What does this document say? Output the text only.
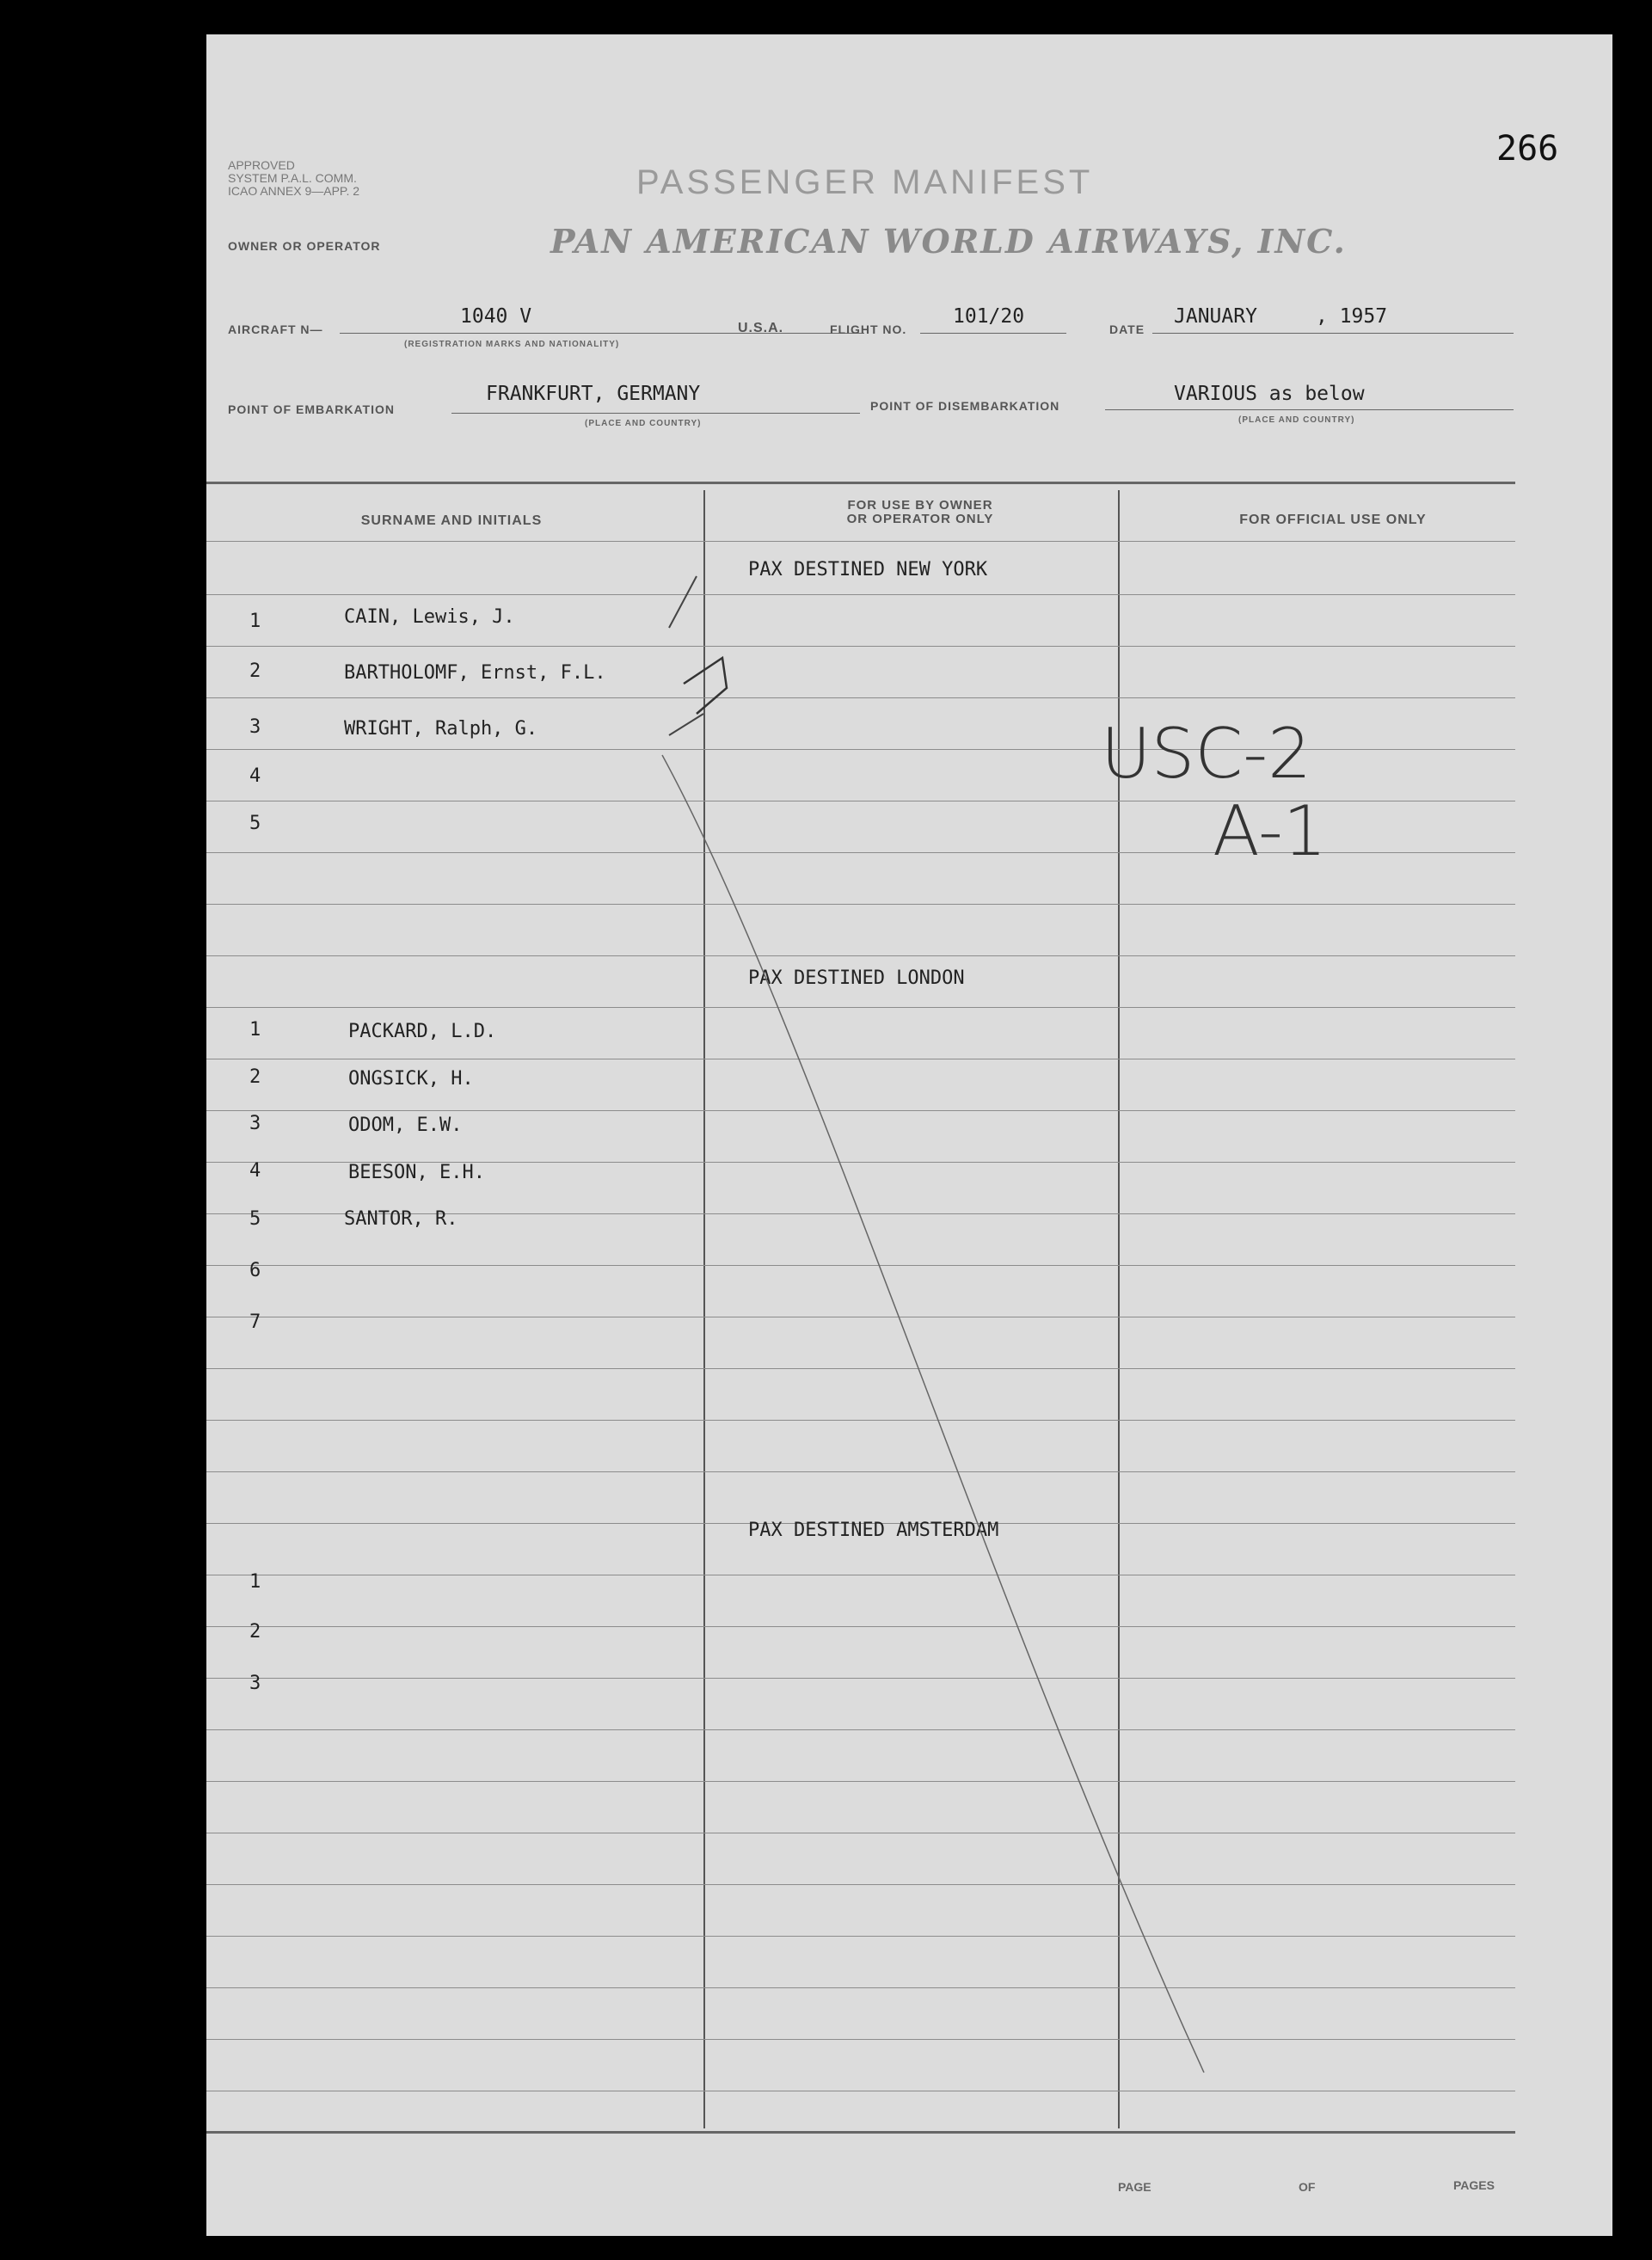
266
APPROVED
SYSTEM P.A.L. COMM.
ICAO ANNEX 9—APP. 2	PASSENGER MANIFEST
OWNER OR OPERATOR	PAN AMERICAN WORLD AIRWAYS, INC.
AIRCRAFT N—
1040 V
(REGISTRATION MARKS AND NATIONALITY)
U.S.A.	FLIGHT NO.
101/20
DATE
JANUARY	, 1957
POINT OF EMBARKATION
FRANKFURT, GERMANY
(PLACE AND COUNTRY)
POINT OF DISEMBARKATION
VARIOUS as below
(PLACE AND COUNTRY)
SURNAME AND INITIALS
FOR USE BY OWNER
OR OPERATOR ONLY	FOR OFFICIAL USE ONLY
PAX DESTINED NEW YORK
1	CAIN, Lewis, J.
2	BARTHOLOMF, Ernst, F.L.
3	WRIGHT, Ralph, G.
4
5
PAX DESTINED LONDON
1	PACKARD, L.D.
2	ONGSICK, H.
3	ODOM, E.W.
4	BEESON, E.H.
5	SANTOR, R.
6
7
PAX DESTINED AMSTERDAM
1
2
3
USC-2
A-1
PAGE	OF	PAGES
